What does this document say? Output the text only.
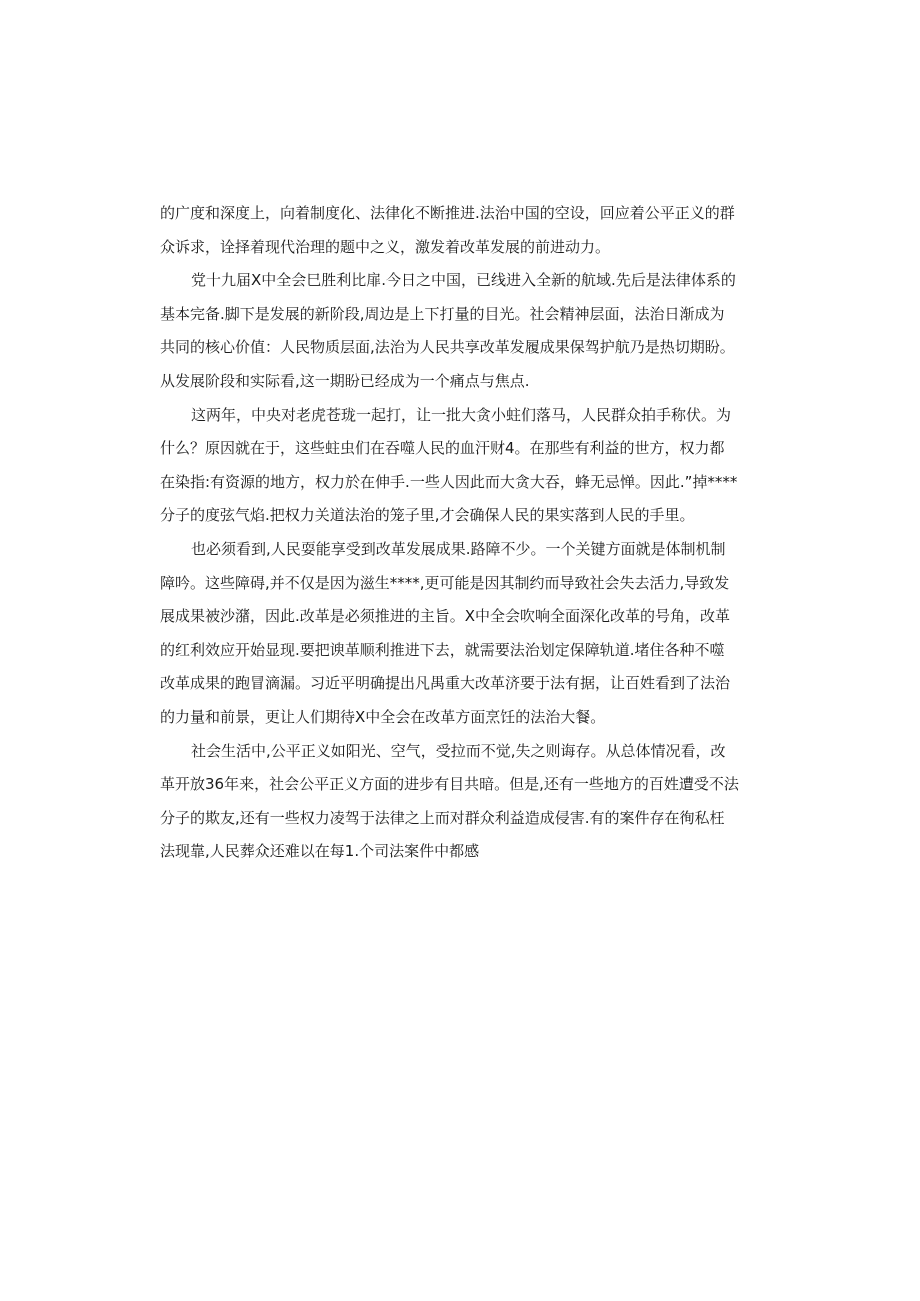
的广度和深度上，向着制度化、法律化不断推进.法治中国的空设，回应着公平正义的群
众诉求，诠择着现代治理的题中之义，激发着改革发展的前进动力。
党十九届X中全会巳胜利比扉.今日之中国，已线进入全新的航域.先后是法律体系的
基本完备.脚下是发展的新阶段,周边是上下打量的目光。社会精神层面，法治日渐成为
共同的核心价值：人民物质层面,法治为人民共享改革发履成果保驾护航乃是热切期盼。
从发展阶段和实际看,这一期盼已经成为一个痛点与焦点.
这两年，中央对老虎苍珑一起打，让一批大贪小蛀们落马，人民群众拍手称伏。为
什么？原因就在于，这些蛀虫们在吞噬人民的血汗财4。在那些有利益的世方，权力都
在染指:有资源的地方，权力於在伸手.一些人因此而大贪大吞，蜂无忌惮。因此.”掉****
分子的度弦气焰.把权力关道法治的笼子里,才会确保人民的果实落到人民的手里。
也必须看到,人民耍能享受到改革发展成果.路障不少。一个关键方面就是体制机制
障吟。这些障碍,并不仅是因为滋生****,更可能是因其制约而导致社会失去活力,导致发
展成果被沙潴，因此.改革是必须推进的主旨。X中全会吹响全面深化改革的号角，改革
的红利效应开始显现.要把谀革顺利推进下去，就需要法治划定保障轨道.堵住各种不噬
改革成果的跑冒滴漏。习近平明确提出凡禺重大改革济要于法有据，让百姓看到了法治
的力量和前景，更让人们期待X中全会在改革方面烹饪的法治大餐。
社会生活中,公平正义如阳光、空气，受拉而不觉,失之则诲存。从总体情况看，改
革开放36年来，社会公平正义方面的进步有目共暗。但是,还有一些地方的百姓遭受不法
分子的欺友,还有一些权力凌驾于法律之上而对群众利益造成侵害.有的案件存在徇私枉
法现靠,人民葬众还难以在每1.个司法案件中都感
